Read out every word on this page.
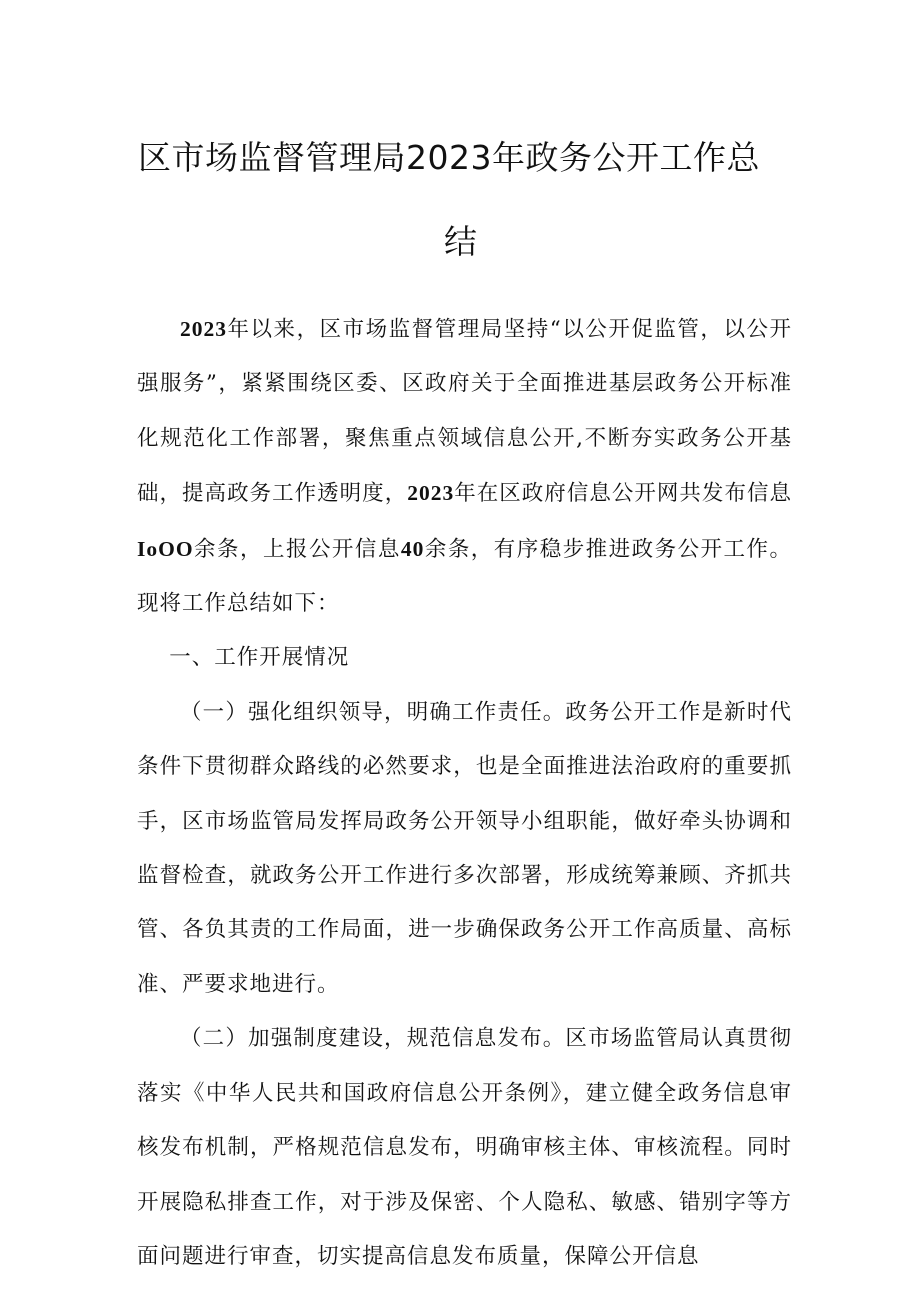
区市场监督管理局2023年政务公开工作总
结

2023年以来，区市场监督管理局坚持“以公开促监管，以公开强服务”，紧紧围绕区委、区政府关于全面推进基层政务公开标准化规范化工作部署，聚焦重点领域信息公开,不断夯实政务公开基础，提高政务工作透明度，2023年在区政府信息公开网共发布信息IoOO余条，上报公开信息40余条，有序稳步推进政务公开工作。现将工作总结如下：

一、工作开展情况

（一）强化组织领导，明确工作责任。政务公开工作是新时代条件下贯彻群众路线的必然要求，也是全面推进法治政府的重要抓手，区市场监管局发挥局政务公开领导小组职能，做好牵头协调和监督检查，就政务公开工作进行多次部署，形成统筹兼顾、齐抓共管、各负其责的工作局面，进一步确保政务公开工作高质量、高标准、严要求地进行。

（二）加强制度建设，规范信息发布。区市场监管局认真贯彻落实《中华人民共和国政府信息公开条例》，建立健全政务信息审核发布机制，严格规范信息发布，明确审核主体、审核流程。同时开展隐私排查工作，对于涉及保密、个人隐私、敏感、错别字等方面问题进行审查，切实提高信息发布质量，保障公开信息
